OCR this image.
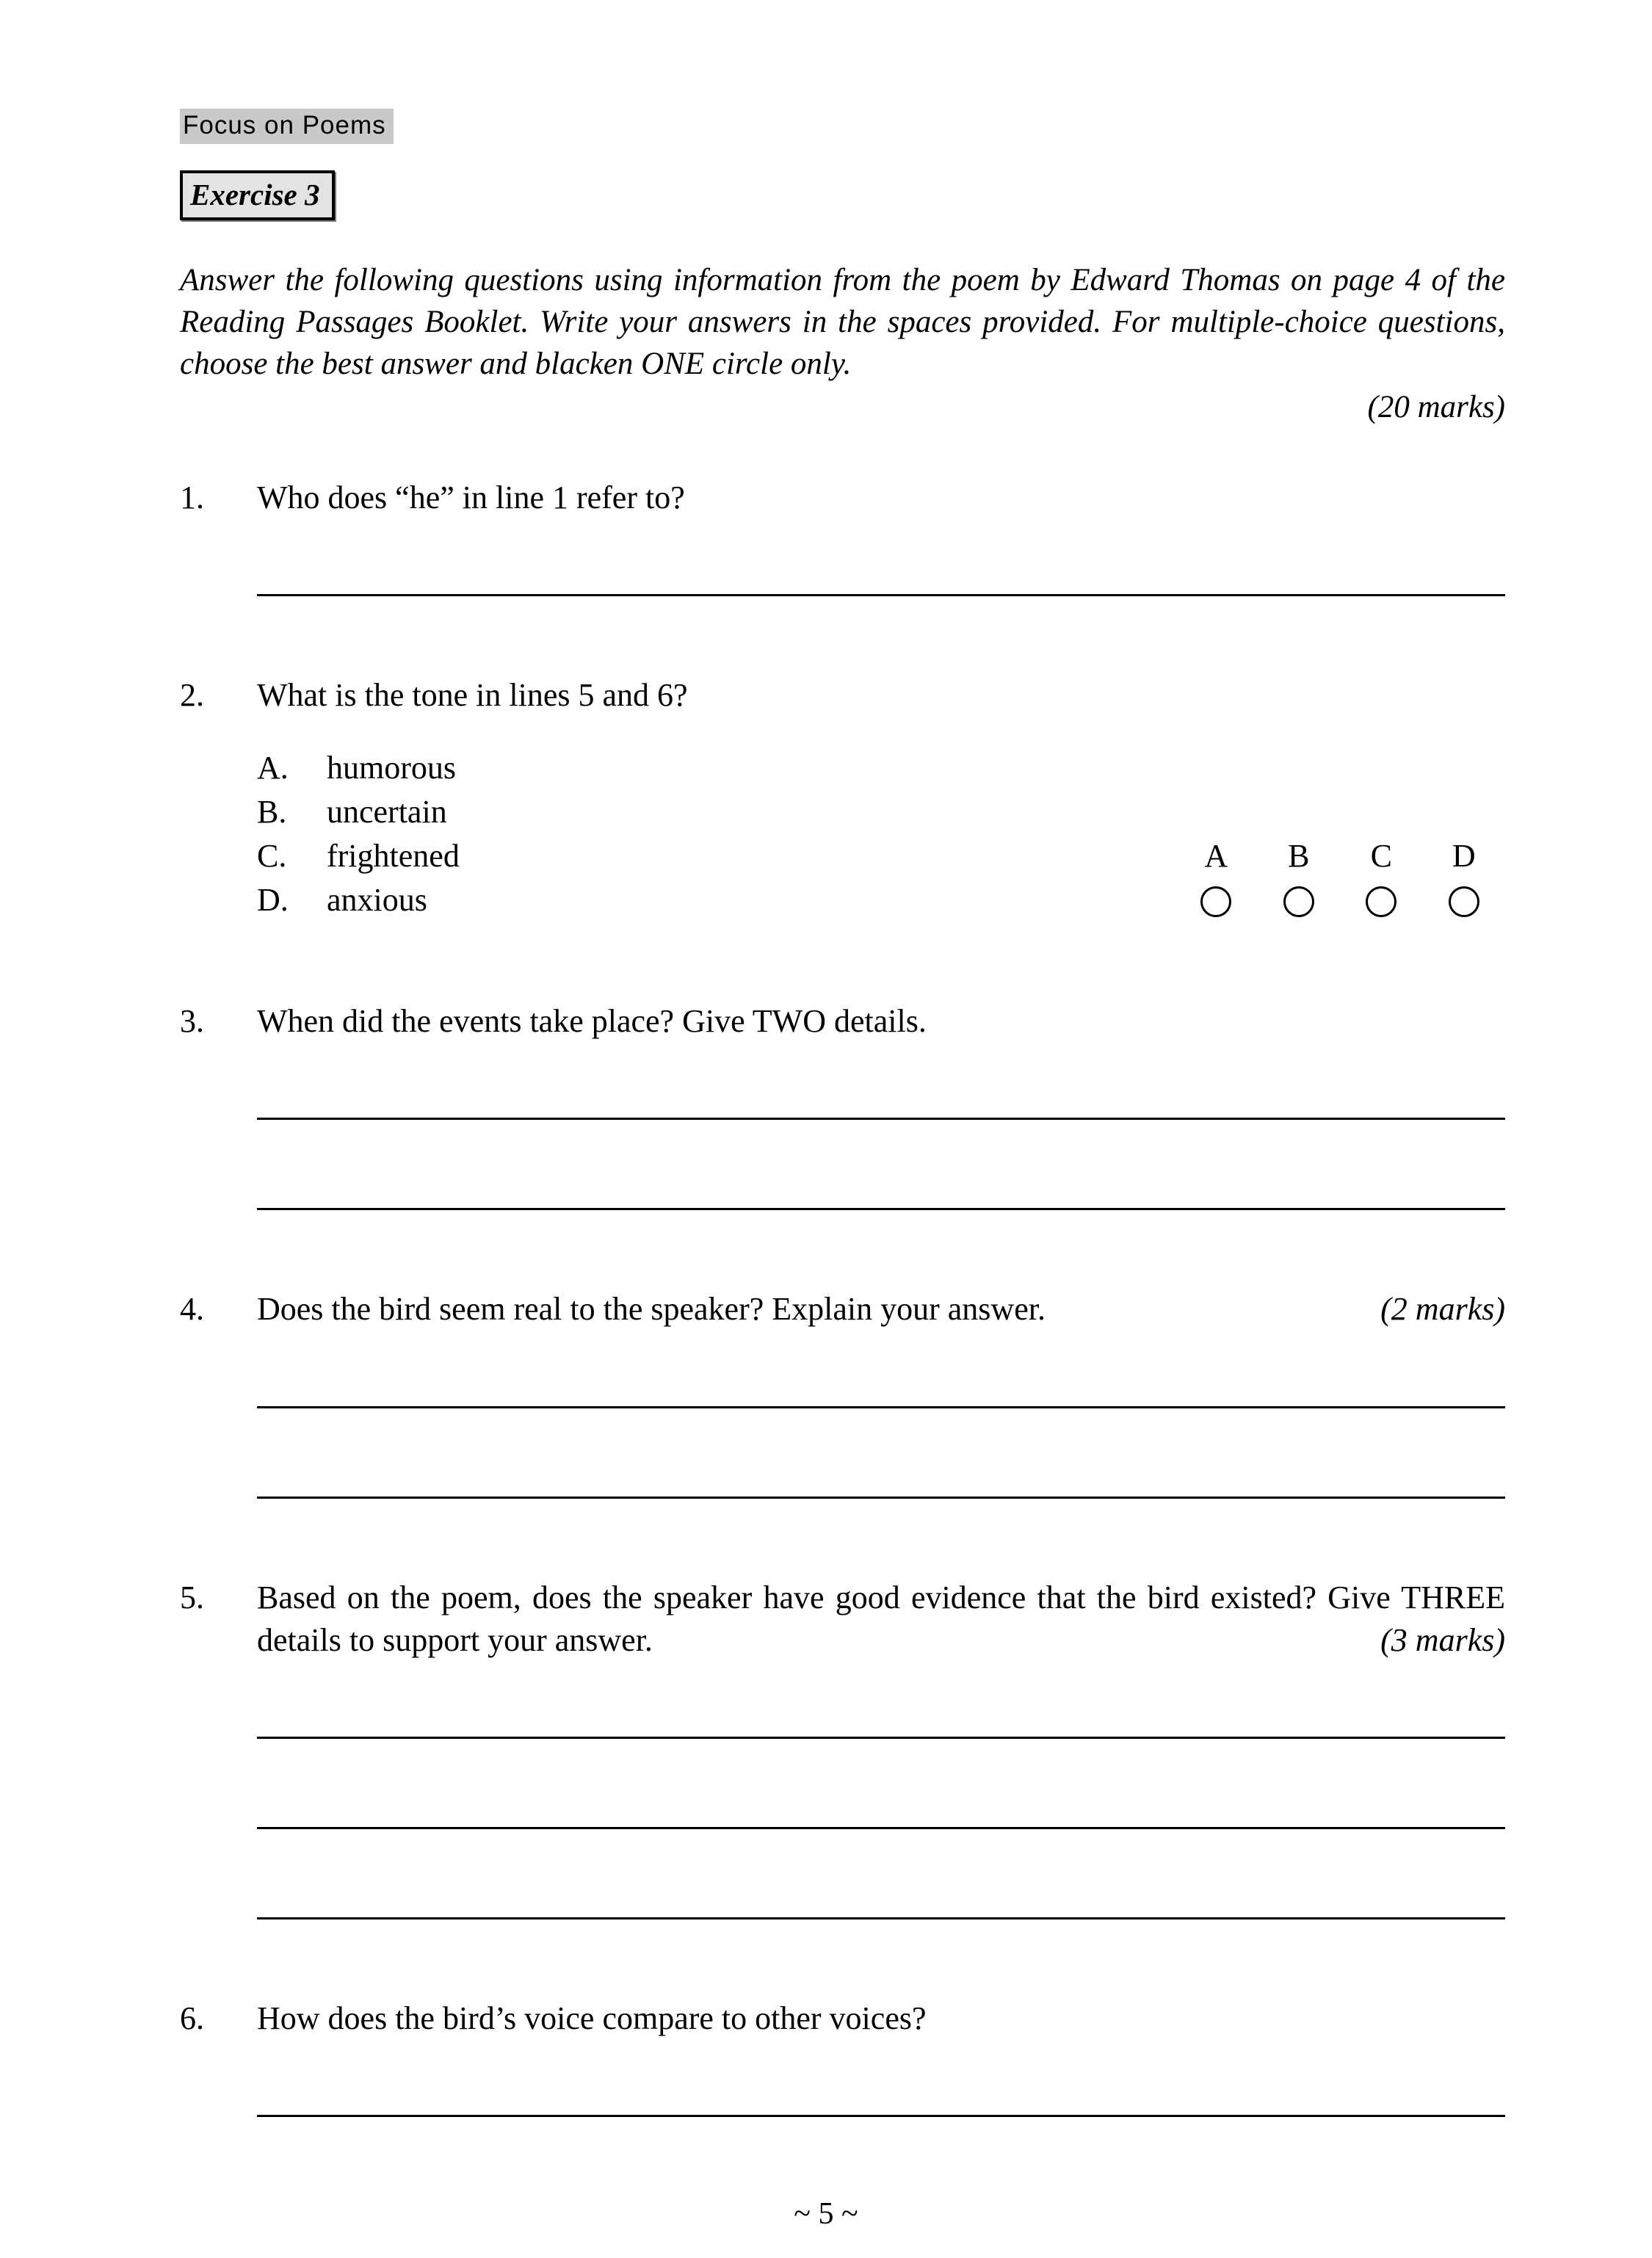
Focus on Poems
Exercise 3

Answer the following questions using information from the poem by Edward Thomas on page 4 of the Reading Passages Booklet. Write your answers in the spaces provided. For multiple-choice questions, choose the best answer and blacken ONE circle only.

(20 marks)
1.	Who does “he” in line 1 refer to?
2.	What is the tone in lines 5 and 6?
A.	humorous
B.	uncertain
C.	frightened
D.	anxious
A	B	C	D
3.	When did the events take place? Give TWO details.
4.	Does the bird seem real to the speaker? Explain your answer.	(2 marks)
5.	Based on the poem, does the speaker have good evidence that the bird existed? Give THREE details to support your answer.	(3 marks)
6.	How does the bird’s voice compare to other voices?
~ 5 ~
